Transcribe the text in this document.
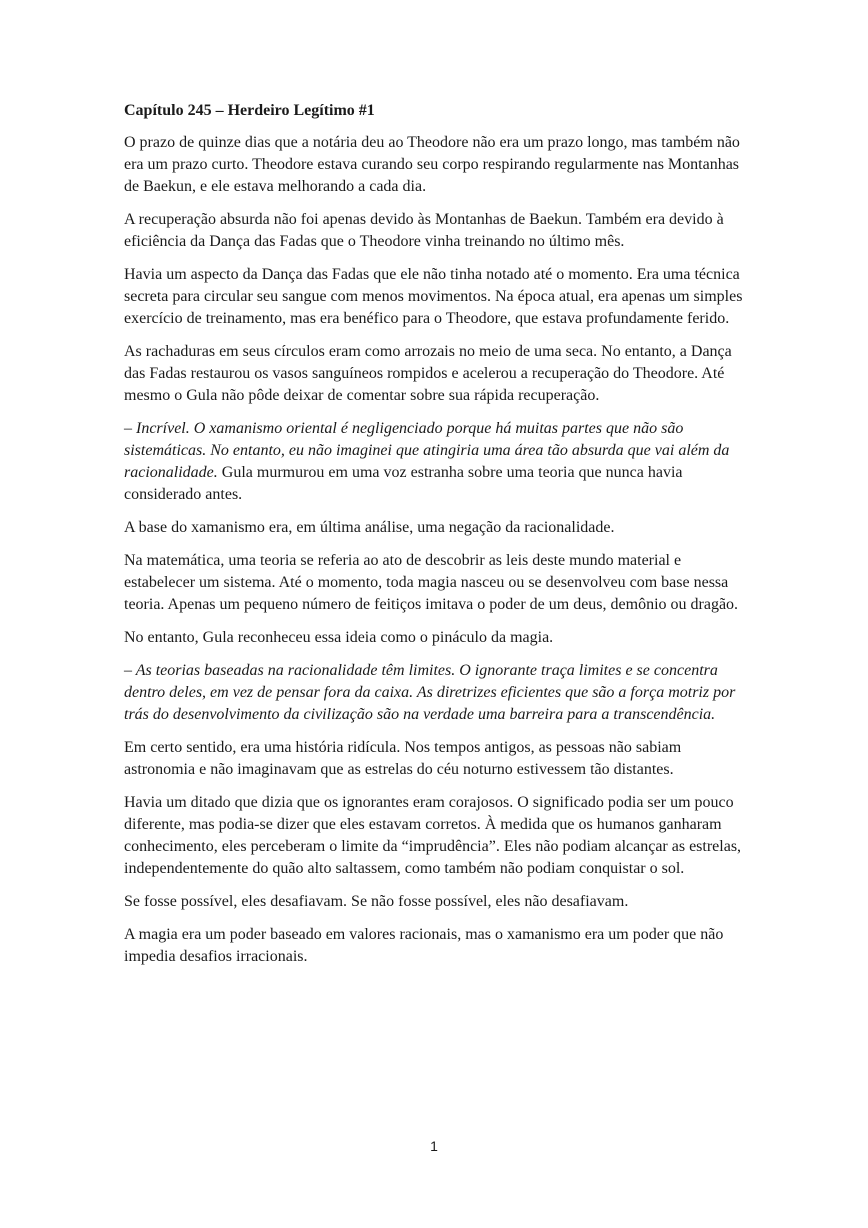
Capítulo 245 – Herdeiro Legítimo #1

O prazo de quinze dias que a notária deu ao Theodore não era um prazo longo, mas também não era um prazo curto. Theodore estava curando seu corpo respirando regularmente nas Montanhas de Baekun, e ele estava melhorando a cada dia.

A recuperação absurda não foi apenas devido às Montanhas de Baekun. Também era devido à eficiência da Dança das Fadas que o Theodore vinha treinando no último mês.

Havia um aspecto da Dança das Fadas que ele não tinha notado até o momento. Era uma técnica secreta para circular seu sangue com menos movimentos. Na época atual, era apenas um simples exercício de treinamento, mas era benéfico para o Theodore, que estava profundamente ferido.

As rachaduras em seus círculos eram como arrozais no meio de uma seca. No entanto, a Dança das Fadas restaurou os vasos sanguíneos rompidos e acelerou a recuperação do Theodore. Até mesmo o Gula não pôde deixar de comentar sobre sua rápida recuperação.

– Incrível. O xamanismo oriental é negligenciado porque há muitas partes que não são sistemáticas. No entanto, eu não imaginei que atingiria uma área tão absurda que vai além da racionalidade. Gula murmurou em uma voz estranha sobre uma teoria que nunca havia considerado antes.

A base do xamanismo era, em última análise, uma negação da racionalidade.

Na matemática, uma teoria se referia ao ato de descobrir as leis deste mundo material e estabelecer um sistema. Até o momento, toda magia nasceu ou se desenvolveu com base nessa teoria. Apenas um pequeno número de feitiços imitava o poder de um deus, demônio ou dragão.

No entanto, Gula reconheceu essa ideia como o pináculo da magia.

– As teorias baseadas na racionalidade têm limites. O ignorante traça limites e se concentra dentro deles, em vez de pensar fora da caixa. As diretrizes eficientes que são a força motriz por trás do desenvolvimento da civilização são na verdade uma barreira para a transcendência.

Em certo sentido, era uma história ridícula. Nos tempos antigos, as pessoas não sabiam astronomia e não imaginavam que as estrelas do céu noturno estivessem tão distantes.

Havia um ditado que dizia que os ignorantes eram corajosos. O significado podia ser um pouco diferente, mas podia-se dizer que eles estavam corretos. À medida que os humanos ganharam conhecimento, eles perceberam o limite da “imprudência”. Eles não podiam alcançar as estrelas, independentemente do quão alto saltassem, como também não podiam conquistar o sol.

Se fosse possível, eles desafiavam. Se não fosse possível, eles não desafiavam.

A magia era um poder baseado em valores racionais, mas o xamanismo era um poder que não impedia desafios irracionais.

1
